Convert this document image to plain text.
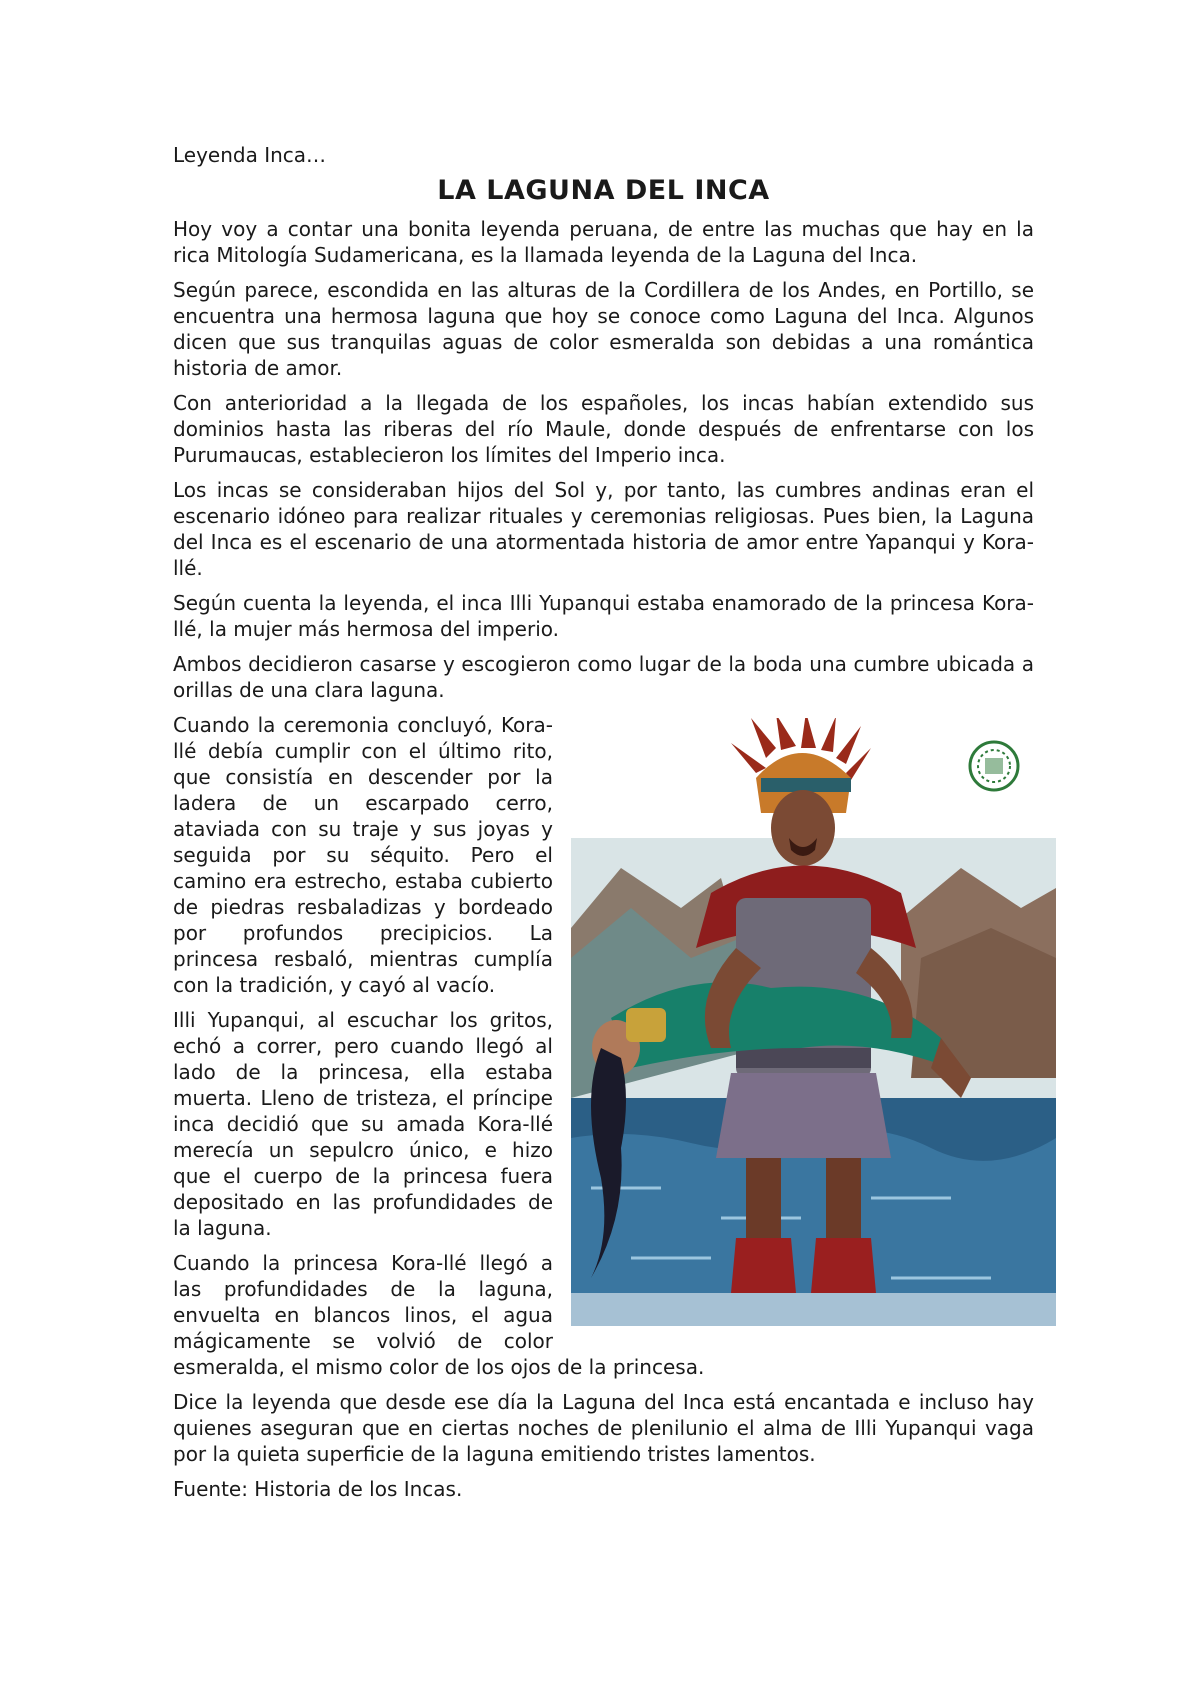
Leyenda Inca…
LA LAGUNA DEL INCA

Hoy voy a contar una bonita leyenda peruana, de entre las muchas que hay en la rica Mitología Sudamericana, es la llamada leyenda de la Laguna del Inca.

Según parece, escondida en las alturas de la Cordillera de los Andes, en Portillo, se encuentra una hermosa laguna que hoy se conoce como Laguna del Inca. Algunos dicen que sus tranquilas aguas de color esmeralda son debidas a una romántica historia de amor.

Con anterioridad a la llegada de los españoles, los incas habían extendido sus dominios hasta las riberas del río Maule, donde después de enfrentarse con los Purumaucas, establecieron los límites del Imperio inca.

Los incas se consideraban hijos del Sol y, por tanto, las cumbres andinas eran el escenario idóneo para realizar rituales y ceremonias religiosas. Pues bien, la Laguna del Inca es el escenario de una atormentada historia de amor entre Yapanqui y Kora-llé.

Según cuenta la leyenda, el inca Illi Yupanqui estaba enamorado de la princesa Kora-llé, la mujer más hermosa del imperio.

Ambos decidieron casarse y escogieron como lugar de la boda una cumbre ubicada a orillas de una clara laguna.

Cuando la ceremonia concluyó, Kora-llé debía cumplir con el último rito, que consistía en descender por la ladera de un escarpado cerro, ataviada con su traje y sus joyas y seguida por su séquito. Pero el camino era estrecho, estaba cubierto de piedras resbaladizas y bordeado por profundos precipicios. La princesa resbaló, mientras cumplía con la tradición, y cayó al vacío.

Illi Yupanqui, al escuchar los gritos, echó a correr, pero cuando llegó al lado de la princesa, ella estaba muerta. Lleno de tristeza, el príncipe inca decidió que su amada Kora-llé merecía un sepulcro único, e hizo que el cuerpo de la princesa fuera depositado en las profundidades de la laguna.

Cuando la princesa Kora-llé llegó a las profundidades de la laguna, envuelta en blancos linos, el agua mágicamente se volvió de color esmeralda, el mismo color de los ojos de la princesa.

Dice la leyenda que desde ese día la Laguna del Inca está encantada e incluso hay quienes aseguran que en ciertas noches de plenilunio el alma de Illi Yupanqui vaga por la quieta superficie de la laguna emitiendo tristes lamentos.

Fuente: Historia de los Incas.
